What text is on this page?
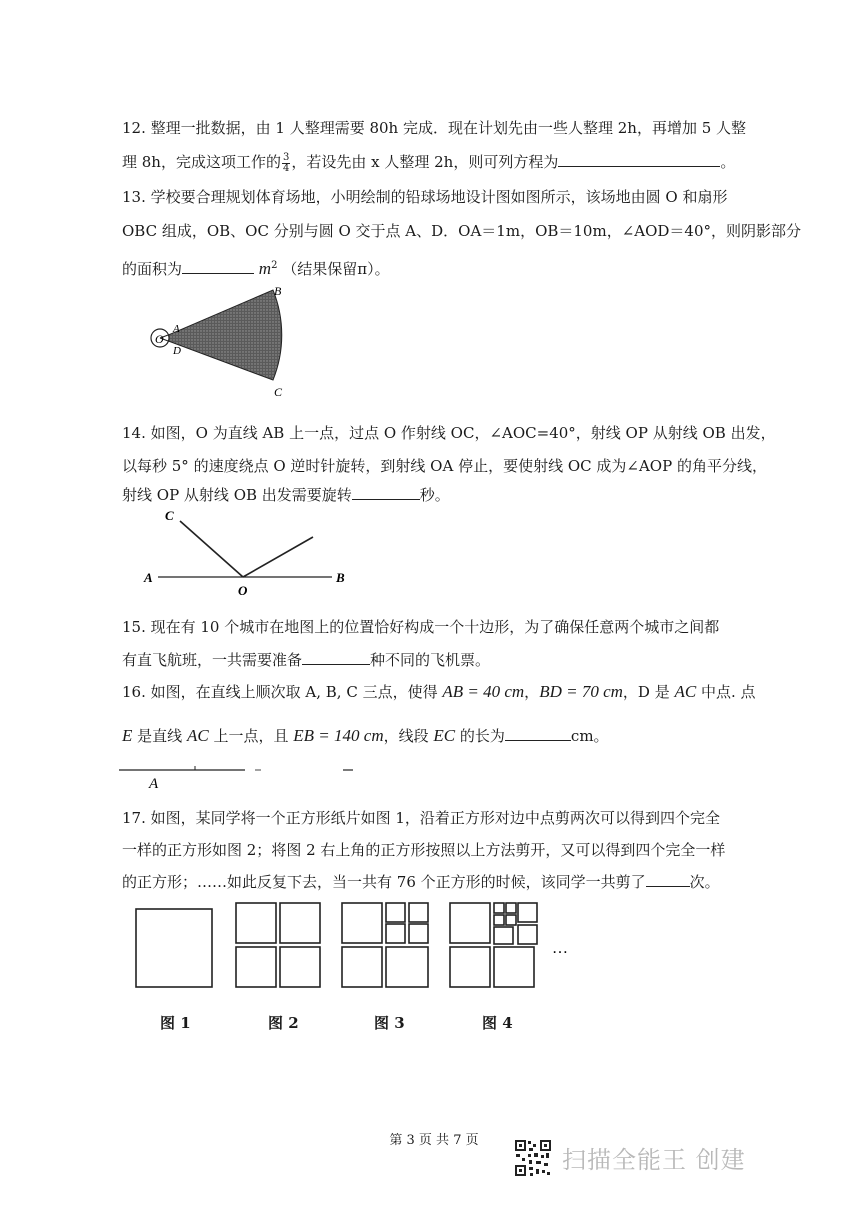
12. 整理一批数据，由 1 人整理需要 80h 完成．现在计划先由一些人整理 2h，再增加 5 人整
理 8h，完成这项工作的 $\frac{3}{4}$ ，若设先由 x 人整理 2h，则可列方程为	。
13. 学校要合理规划体育场地，小明绘制的铅球场地设计图如图所示，该场地由圆 O 和扇形
OBC 组成，OB、OC 分别与圆 O 交于点 A、D．OA＝1m，OB＝10m，∠AOD＝40°，则阴影部分
的面积为	$m^2$ （结果保留π）。
O
A
D
B
C
14. 如图，O 为直线 AB 上一点，过点 O 作射线 OC，∠AOC=40°，射线 OP 从射线 OB 出发，
以每秒 5° 的速度绕点 O 逆时针旋转，到射线 OA 停止，要使射线 OC 成为∠AOP 的角平分线，
射线 OP 从射线 OB 出发需要旋转	秒。
C
A
O
B
15. 现在有 10 个城市在地图上的位置恰好构成一个十边形，为了确保任意两个城市之间都
有直飞航班，一共需要准备	种不同的飞机票。
16. 如图，在直线上顺次取 A, B, C 三点，使得 AB = 40 cm，BD = 70 cm，D 是 AC 中点. 点
E 是直线 AC 上一点，且 EB = 140 cm，线段 EC 的长为	cm。
A
17. 如图，某同学将一个正方形纸片如图 1，沿着正方形对边中点剪两次可以得到四个完全
一样的正方形如图 2；将图 2 右上角的正方形按照以上方法剪开，又可以得到四个完全一样
的正方形；……如此反复下去，当一共有 76 个正方形的时候，该同学一共剪了	次。
…
图 1	图 2	图 3	图 4
第 3 页 共 7 页
扫描全能王 创建
